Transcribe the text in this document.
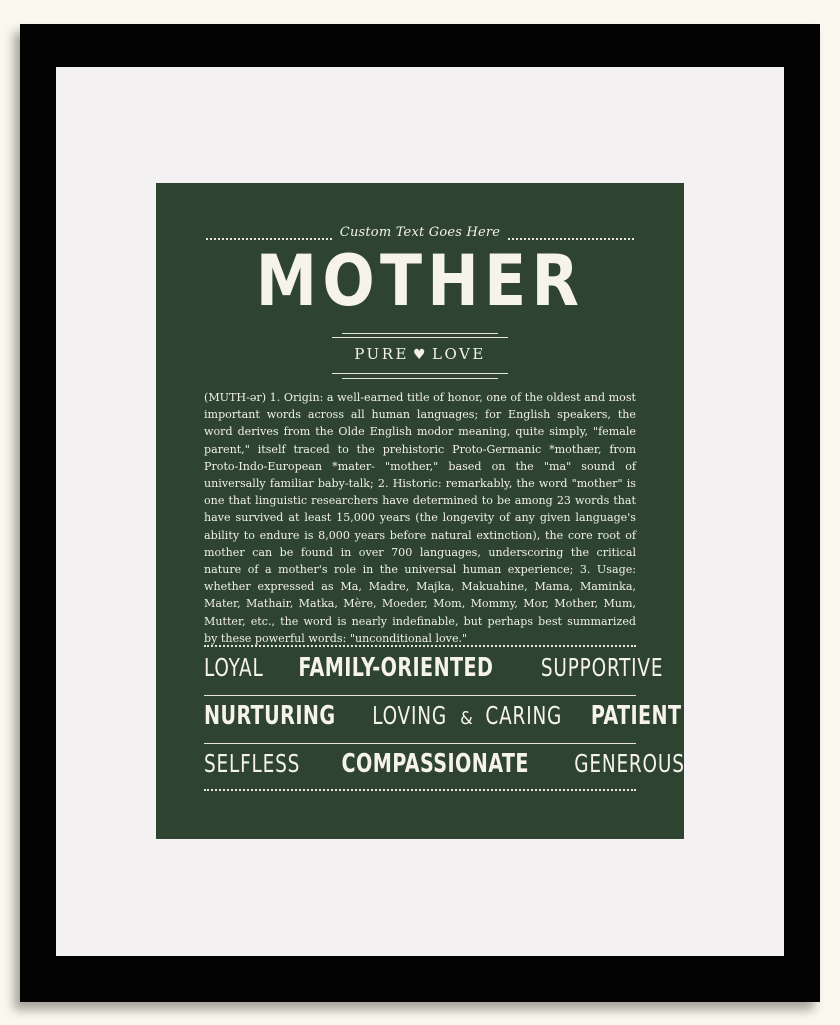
Custom Text Goes Here
MOTHER
PURE ♥ LOVE
(MUTH-ər) 1. Origin: a well-earned title of honor, one of the oldest and most important words across all human languages; for English speakers, the word derives from the Olde English modor meaning, quite simply, "female parent," itself traced to the prehistoric Proto-Germanic *mothær, from Proto-Indo-European *mater- "mother," based on the "ma" sound of universally familiar baby-talk; 2. Historic: remarkably, the word "mother" is one that linguistic researchers have determined to be among 23 words that have survived at least 15,000 years (the longevity of any given language's ability to endure is 8,000 years before natural extinction), the core root of mother can be found in over 700 languages, underscoring the critical nature of a mother's role in the universal human experience; 3. Usage: whether expressed as Ma, Madre, Majka, Makuahine, Mama, Maminka, Mater, Mathair, Matka, Mère, Moeder, Mom, Mommy, Mor, Mother, Mum, Mutter, etc., the word is nearly indefinable, but perhaps best summarized by these powerful words: "unconditional love."
LOYAL FAMILY-ORIENTED SUPPORTIVE
NURTURING	LOVING & CARING	PATIENT
SELFLESS COMPASSIONATE GENEROUS
